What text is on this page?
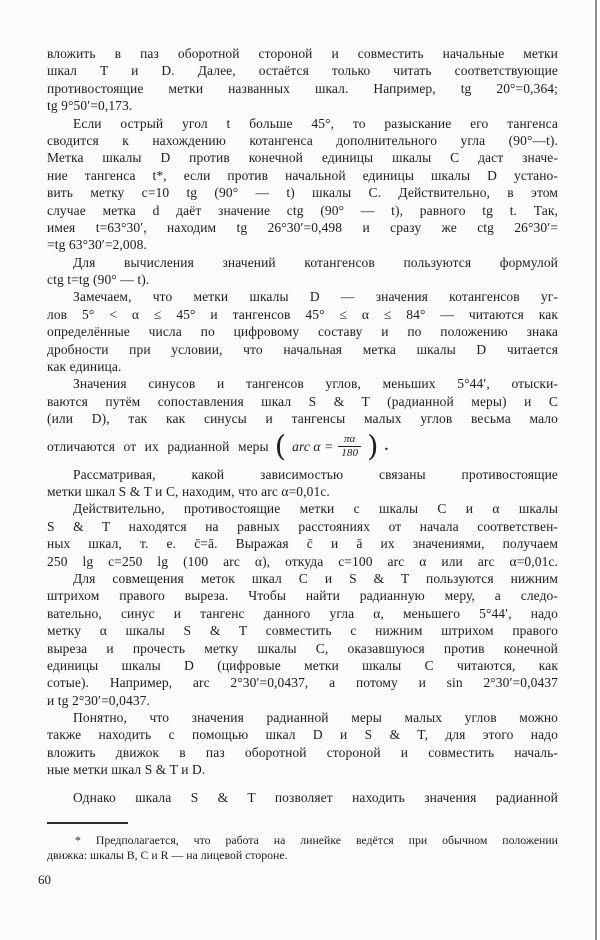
вложить в паз оборотной стороной и совместить начальные метки
шкал T и D. Далее, остаётся только читать соответствующие
противостоящие метки названных шкал. Например, tg 20°=0,364;
tg 9°50′=0,173.
Если острый угол t больше 45°, то разыскание его тангенса
сводится к нахождению котангенса дополнительного угла (90°—t).
Метка шкалы D против конечной единицы шкалы C даст значе-
ние тангенса t*, если против начальной единицы шкалы D устано-
вить метку c=10 tg (90° — t) шкалы C. Действительно, в этом
случае метка d даёт значение ctg (90° — t), равного tg t. Так,
имея t=63°30′, находим tg 26°30′=0,498 и сразу же ctg 26°30′=
=tg 63°30′=2,008.
Для вычисления значений котангенсов пользуются формулой
ctg t=tg (90° — t).
Замечаем, что метки шкалы D — значения котангенсов уг-
лов 5° < α ≤ 45° и тангенсов 45° ≤ α ≤ 84° — читаются как
определённые числа по цифровому составу и по положению знака
дробности при условии, что начальная метка шкалы D читается
как единица.
Значения синусов и тангенсов углов, меньших 5°44′, отыски-
ваются путём сопоставления шкал S & T (радианной меры) и C
(или D), так как синусы и тангенсы малых углов весьма мало
отличаются от их радианной меры ( arc $\alpha = \frac{\pi\alpha}{180}$ ) .
Рассматривая, какой зависимостью связаны противостоящие
метки шкал S & T и C, находим, что arc α=0,01c.
Действительно, противостоящие метки c шкалы C и α шкалы
S & T находятся на равных расстояниях от начала соответствен-
ных шкал, т. е. c̄=ā. Выражая c̄ и ā их значениями, получаем
250 lg c=250 lg (100 arc α), откуда c=100 arc α или arc α=0,01c.
Для совмещения меток шкал C и S & T пользуются нижним
штрихом правого выреза. Чтобы найти радианную меру, а следо-
вательно, синус и тангенс данного угла α, меньшего 5°44′, надо
метку α шкалы S & T совместить с нижним штрихом правого
выреза и прочесть метку шкалы C, оказавшуюся против конечной
единицы шкалы D (цифровые метки шкалы C читаются, как
сотые). Например, arc 2°30′=0,0437, а потому и sin 2°30′=0,0437
и tg 2°30′=0,0437.
Понятно, что значения радианной меры малых углов можно
также находить с помощью шкал D и S & T, для этого надо
вложить движок в паз оборотной стороной и совместить началь-
ные метки шкал S & T и D.
Однако шкала S & T позволяет находить значения радианной
* Предполагается, что работа на линейке ведётся при обычном положении
движка: шкалы B, C и R — на лицевой стороне.
60
